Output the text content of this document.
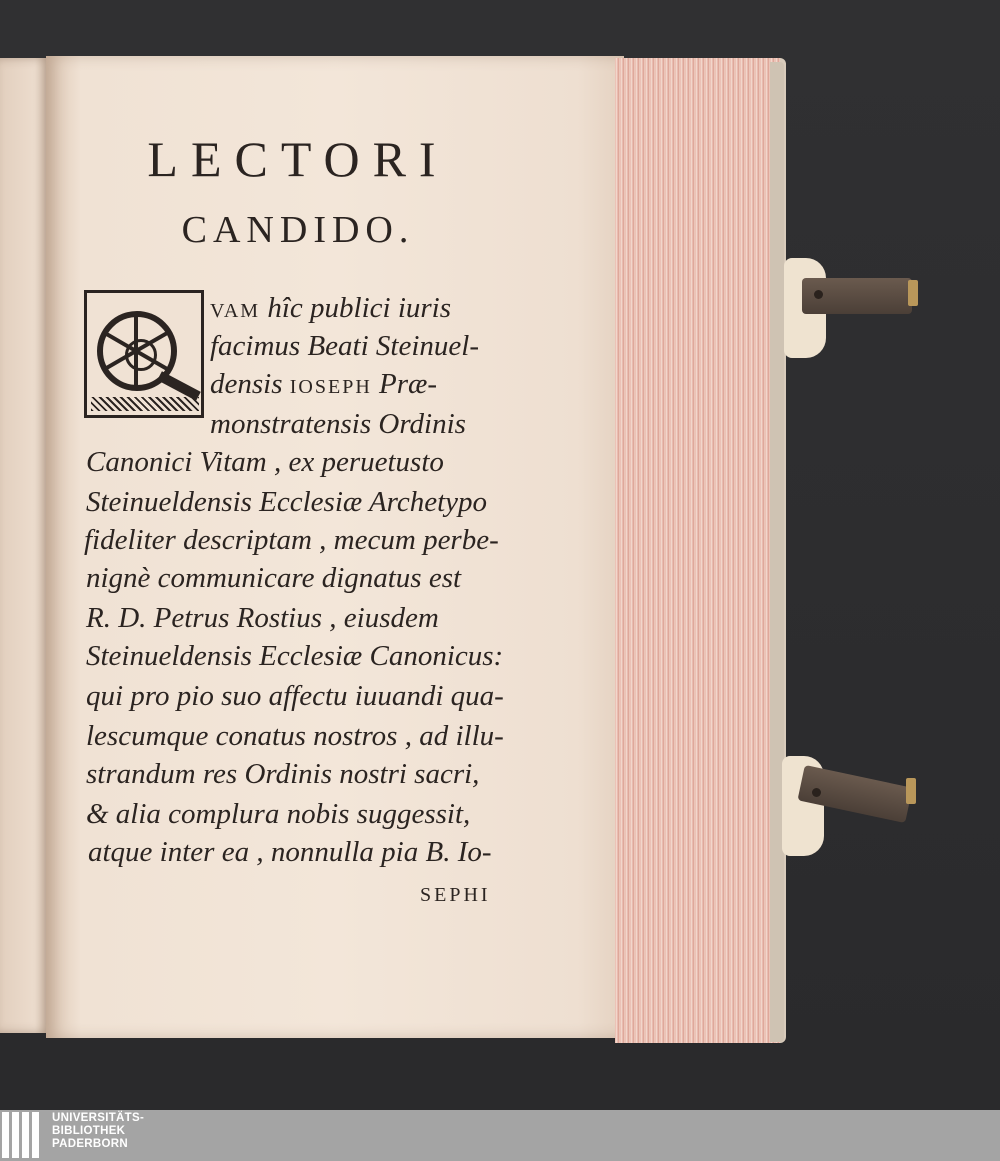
LECTORI
CANDIDO.
VAM hîc publici iuris
facimus Beati Steinuel-
densis IOSEPH Præ-
monstratensis Ordinis
Canonici Vitam , ex peruetusto
Steinueldensis Ecclesiæ Archetypo
fideliter descriptam , mecum perbe-
nignè communicare dignatus est
R. D. Petrus Rostius , eiusdem
Steinueldensis Ecclesiæ Canonicus:
qui pro pio suo affectu iuuandi qua-
lescumque conatus nostros , ad illu-
strandum res Ordinis nostri sacri,
& alia complura nobis suggessit,
atque inter ea , nonnulla pia B. Io-
SEPHI
UNIVERSITÄTS-
BIBLIOTHEK
PADERBORN
